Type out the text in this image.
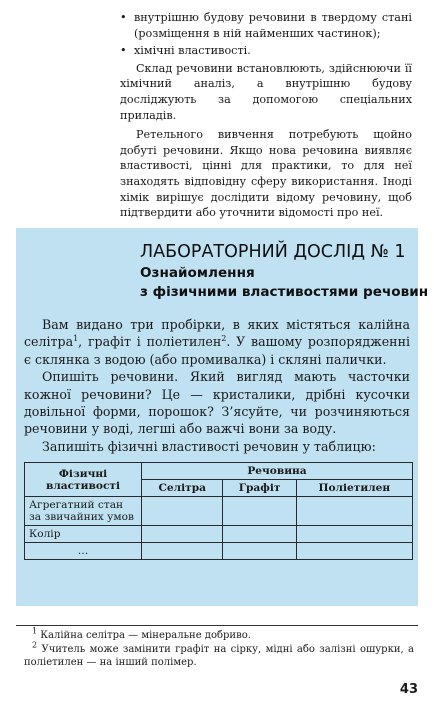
• внутрішню будову речовини в твердому стані (розміщення в ній найменших частинок);
• хімічні властивості.

Склад речовини встановлюють, здійснюючи її хімічний аналіз, а внутрішню будову досліджують за допомогою спеціальних приладів.

Ретельного вивчення потребують щойно добуті речовини. Якщо нова речовина виявляє властивості, цінні для практики, то для неї знаходять відповідну сферу використання. Іноді хімік вирішує дослідити відому речовину, щоб підтвердити або уточнити відомості про неї.

ЛАБОРАТОРНИЙ ДОСЛІД № 1
Ознайомлення
з фізичними властивостями речовин

Вам видано три пробірки, в яких містяться калійна селітра$^1$, графіт і поліетилен$^2$. У вашому розпорядженні є склянка з водою (або промивалка) і скляні палички.

Опишіть речовини. Який вигляд мають часточки кожної речовини? Це — кристалики, дрібні кусочки довільної форми, порошок? З’ясуйте, чи розчиняються речовини у воді, легші або важчі вони за воду.

Запишіть фізичні властивості речовин у таблицю:

Фізичні властивості	Речовина		
	Селітра	Графіт	Поліетилен
Агрегатний стан за звичайних умов			
Колір			
…			

$^1$ Калійна селітра — мінеральне добриво.

$^2$ Учитель може замінити графіт на сірку, мідні або залізні ошурки, а поліетилен — на інший полімер.

43
